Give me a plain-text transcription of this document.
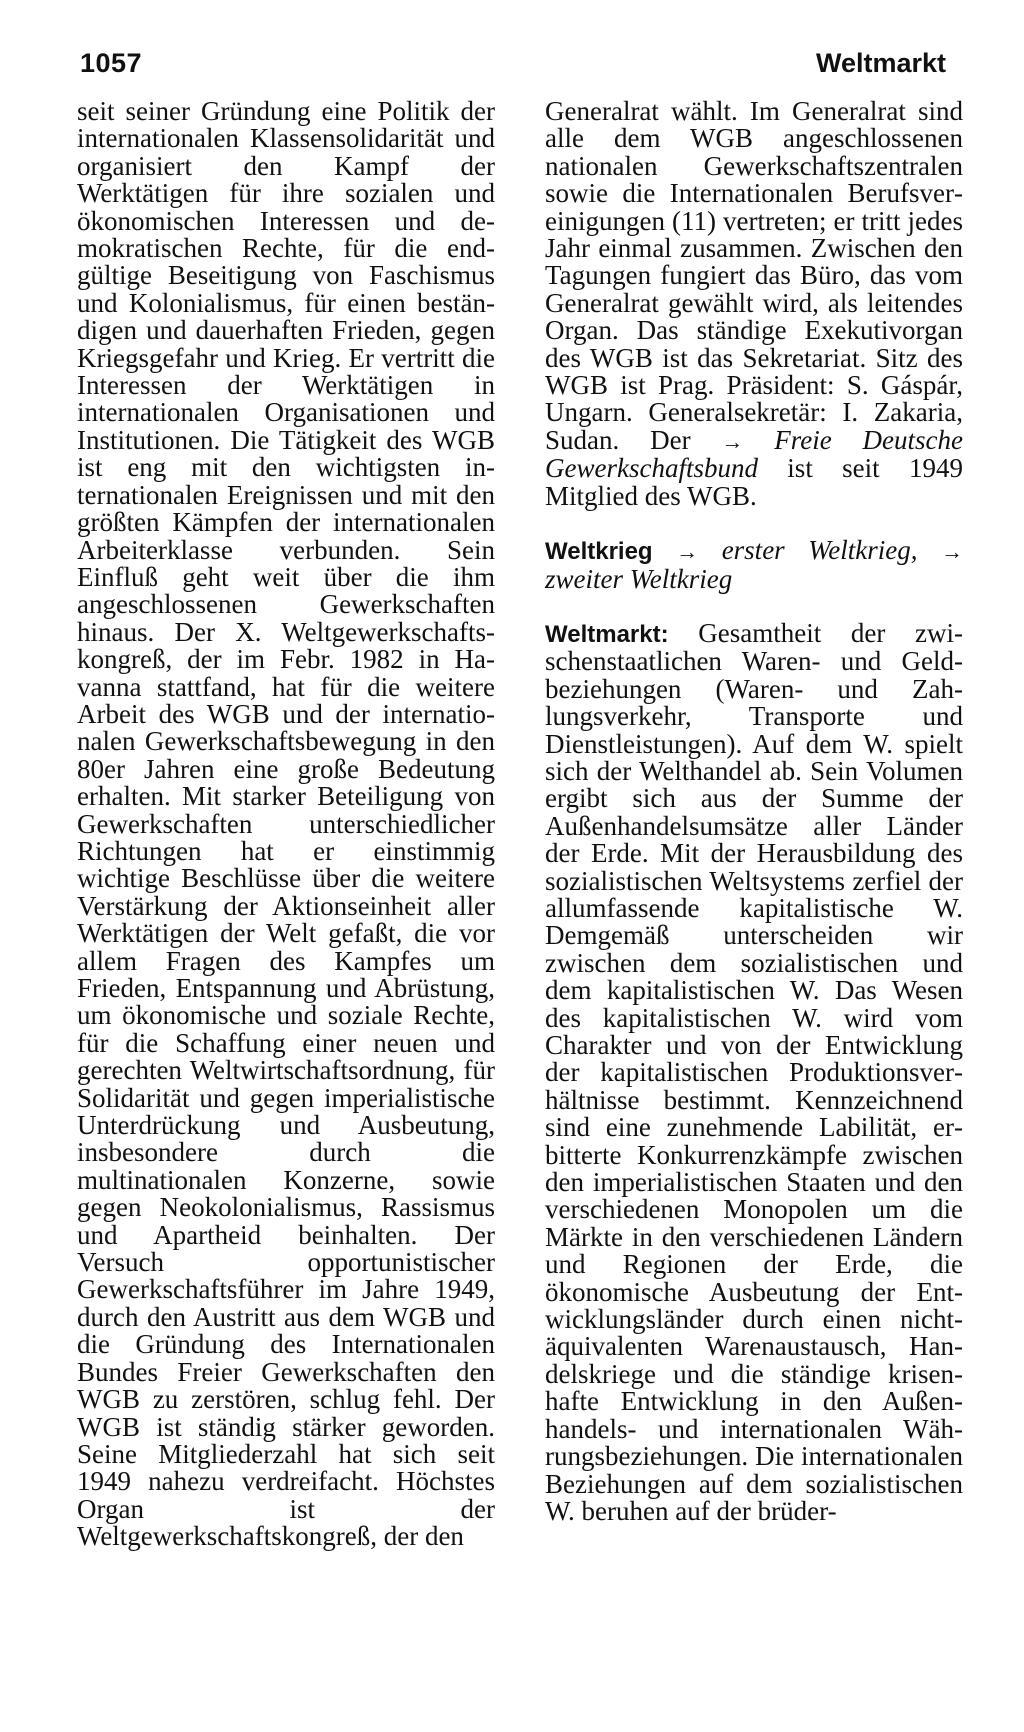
1057	Weltmarkt

seit seiner Gründung eine Politik der internationalen Klassensolidarität und organisiert den Kampf der Werktätigen für ihre sozialen und ökonomischen Interessen und demokratischen Rechte, für die endgültige Beseitigung von Faschismus und Kolonialismus, für einen beständigen und dauerhaften Frieden, gegen Kriegsgefahr und Krieg. Er vertritt die Interessen der Werktätigen in internationalen Organisationen und Institutionen. Die Tätigkeit des WGB ist eng mit den wichtigsten internationalen Ereignissen und mit den größten Kämpfen der internationalen Arbeiterklasse verbunden. Sein Einfluß geht weit über die ihm angeschlossenen Gewerkschaften hinaus. Der X. Weltgewerkschaftskongreß, der im Febr. 1982 in Havanna stattfand, hat für die weitere Arbeit des WGB und der internationalen Gewerkschaftsbewegung in den 80er Jahren eine große Bedeutung erhalten. Mit starker Beteiligung von Gewerkschaften unterschiedlicher Richtungen hat er einstimmig wichtige Beschlüsse über die weitere Verstärkung der Aktionseinheit aller Werktätigen der Welt gefaßt, die vor allem Fragen des Kampfes um Frieden, Entspannung und Abrüstung, um ökonomische und soziale Rechte, für die Schaffung einer neuen und gerechten Weltwirtschaftsordnung, für Solidarität und gegen imperialistische Unterdrückung und Ausbeutung, insbesondere durch die multinationalen Konzerne, sowie gegen Neokolonialismus, Rassismus und Apartheid beinhalten. Der Versuch opportunistischer Gewerkschaftsführer im Jahre 1949, durch den Austritt aus dem WGB und die Gründung des Internationalen Bundes Freier Gewerkschaften den WGB zu zerstören, schlug fehl. Der WGB ist ständig stärker geworden. Seine Mitgliederzahl hat sich seit 1949 nahezu verdreifacht. Höchstes Organ ist der Weltgewerkschaftskongreß, der den

Generalrat wählt. Im Generalrat sind alle dem WGB angeschlossenen nationalen Gewerkschaftszentralen sowie die Internationalen Berufsvereinigungen (11) vertreten; er tritt jedes Jahr einmal zusammen. Zwischen den Tagungen fungiert das Büro, das vom Generalrat gewählt wird, als leitendes Organ. Das ständige Exekutivorgan des WGB ist das Sekretariat. Sitz des WGB ist Prag. Präsident: S. Gáspár, Ungarn. Generalsekretär: I. Zakaria, Sudan. Der → Freie Deutsche Gewerkschaftsbund ist seit 1949 Mitglied des WGB.

Weltkrieg → erster Weltkrieg, → zweiter Weltkrieg

Weltmarkt: Gesamtheit der zwischenstaatlichen Waren- und Geldbeziehungen (Waren- und Zahlungsverkehr, Transporte und Dienstleistungen). Auf dem W. spielt sich der Welthandel ab. Sein Volumen ergibt sich aus der Summe der Außenhandelsumsätze aller Länder der Erde. Mit der Herausbildung des sozialistischen Weltsystems zerfiel der allumfassende kapitalistische W. Demgemäß unterscheiden wir zwischen dem sozialistischen und dem kapitalistischen W. Das Wesen des kapitalistischen W. wird vom Charakter und von der Entwicklung der kapitalistischen Produktionsverhältnisse bestimmt. Kennzeichnend sind eine zunehmende Labilität, erbitterte Konkurrenzkämpfe zwischen den imperialistischen Staaten und den verschiedenen Monopolen um die Märkte in den verschiedenen Ländern und Regionen der Erde, die ökonomische Ausbeutung der Entwicklungsländer durch einen nichtäquivalenten Warenaustausch, Handelskriege und die ständige krisenhafte Entwicklung in den Außenhandels- und internationalen Währungsbeziehungen. Die internationalen Beziehungen auf dem sozialistischen W. beruhen auf der brüder-
